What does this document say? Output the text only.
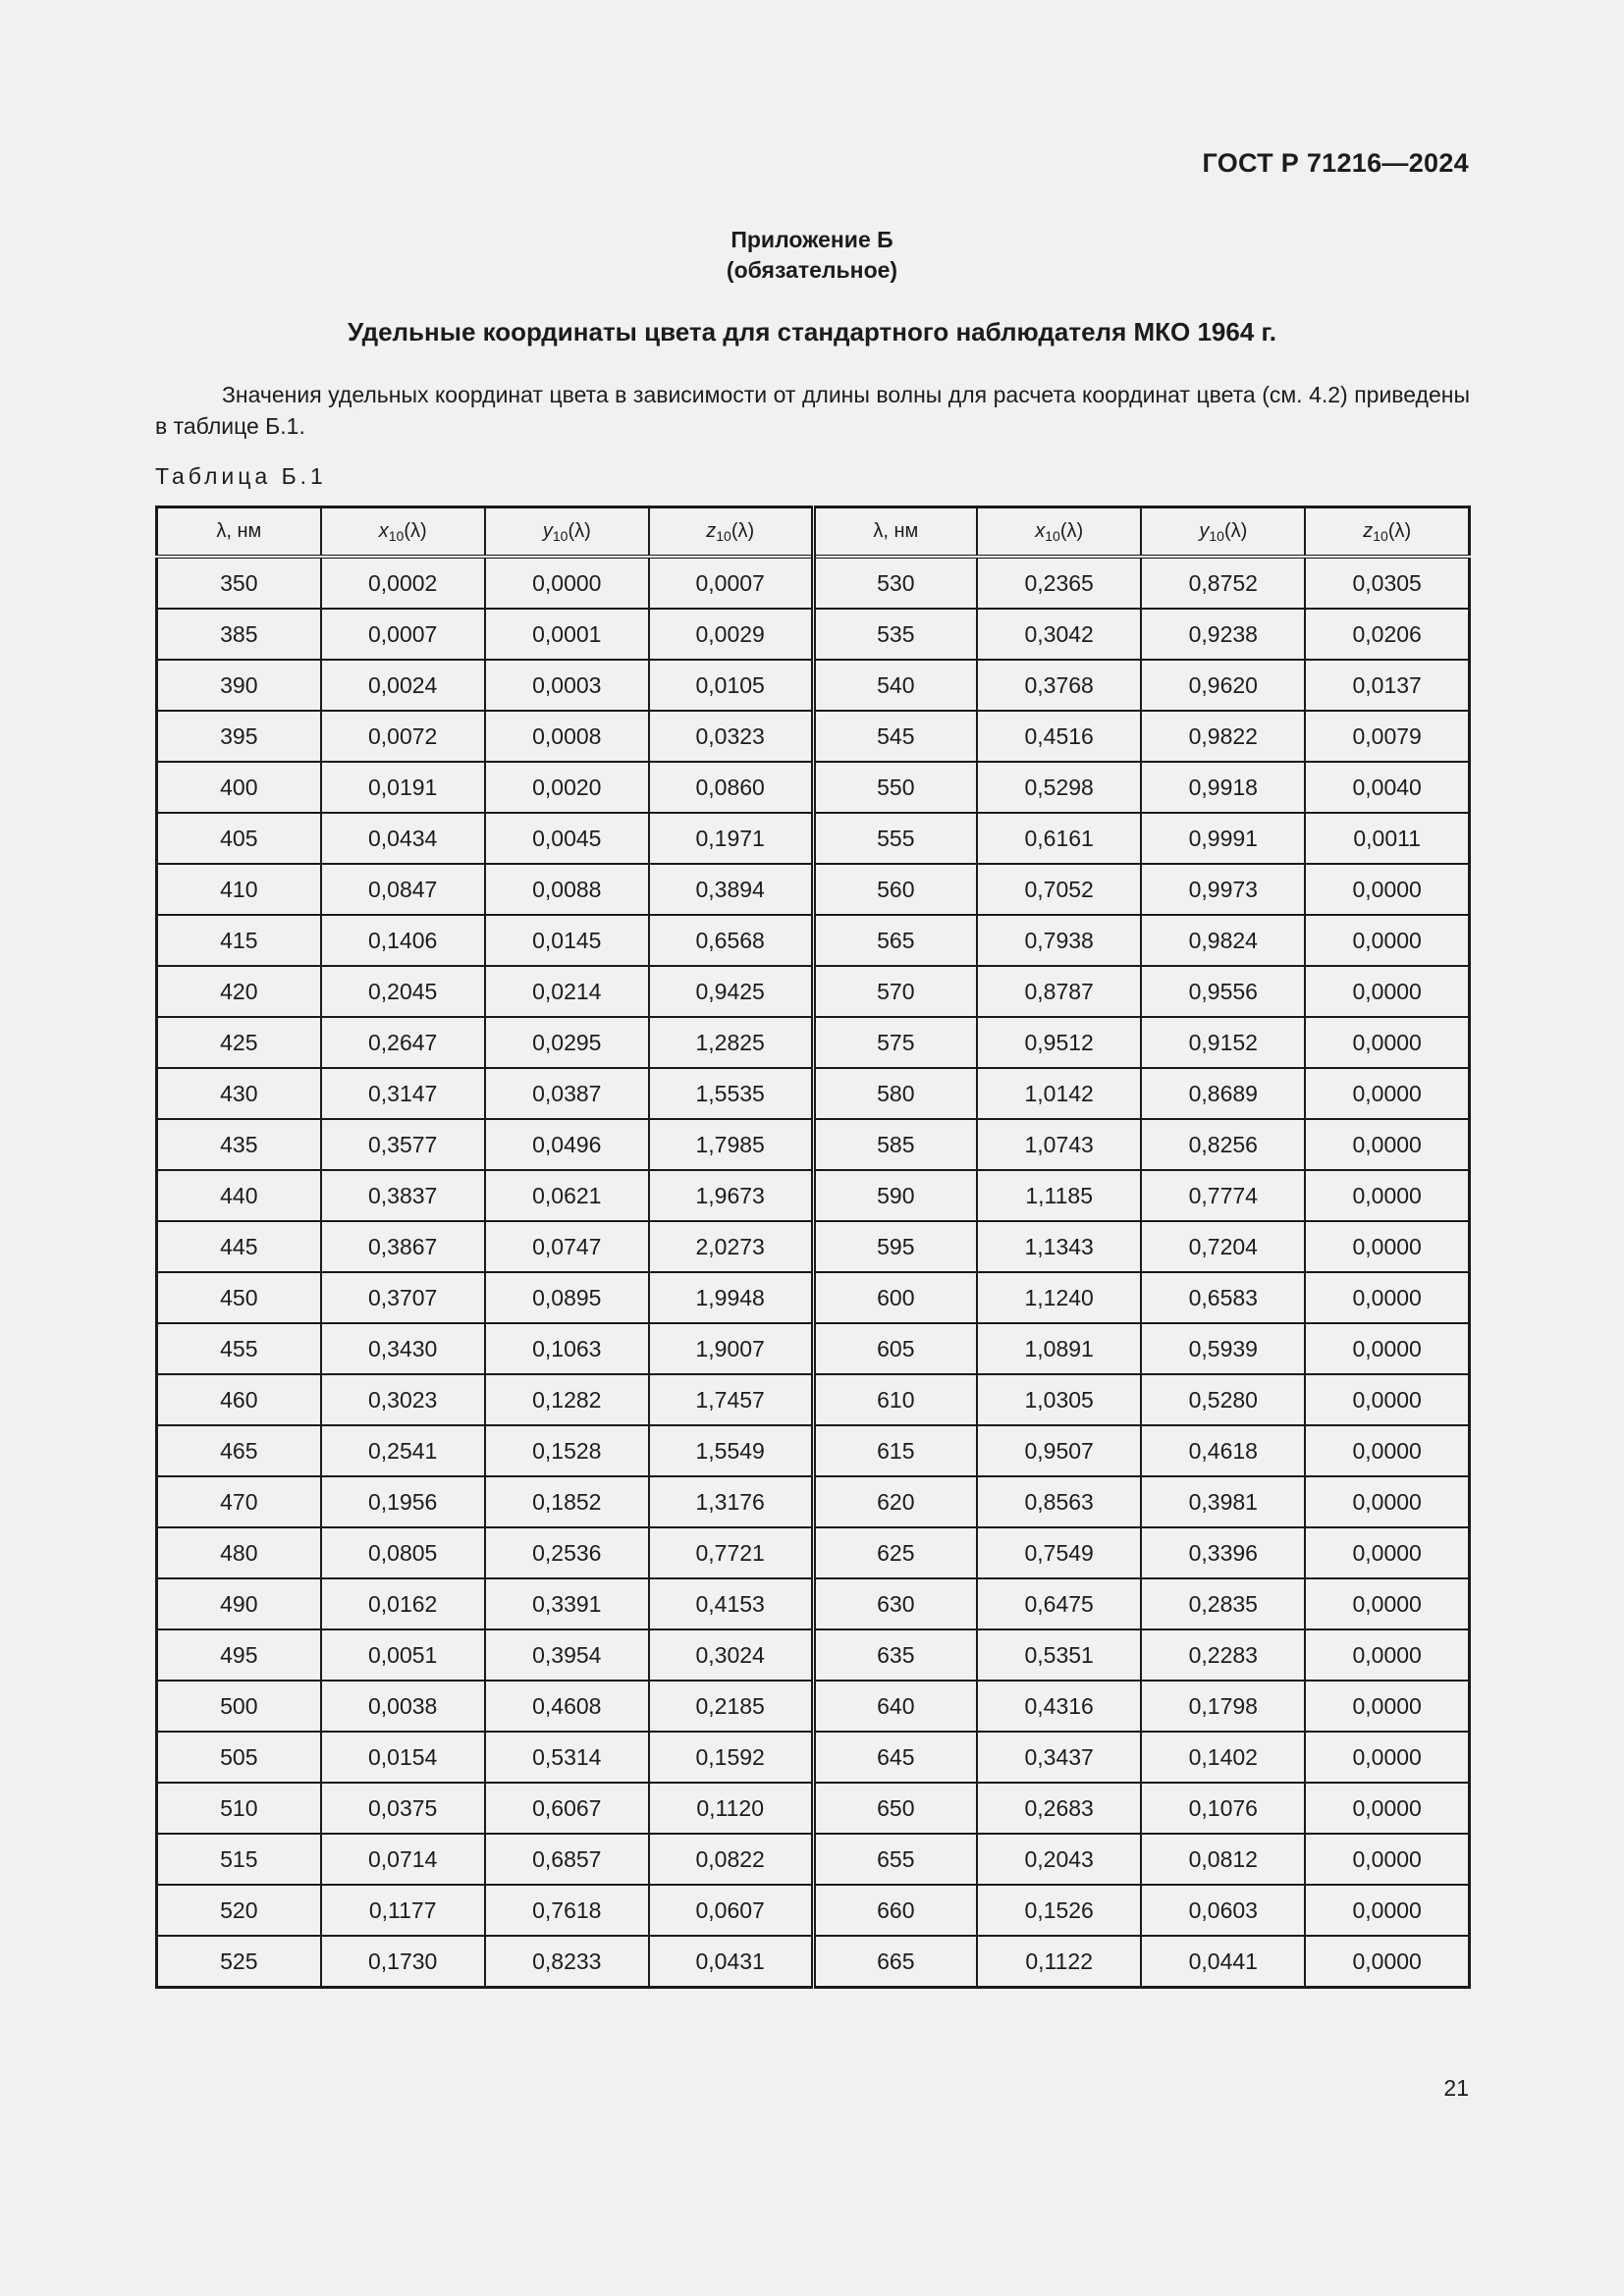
ГОСТ Р 71216—2024
Приложение Б
(обязательное)
Удельные координаты цвета для стандартного наблюдателя МКО 1964 г.
Значения удельных координат цвета в зависимости от длины волны для расчета координат цвета (см. 4.2) приведены в таблице Б.1.
Таблица Б.1
λ, нм	$x_{10}(\lambda)$	$y_{10}(\lambda)$	$z_{10}(\lambda)$	λ, нм	$x_{10}(\lambda)$	$y_{10}(\lambda)$	$z_{10}(\lambda)$
350	0,0002	0,0000	0,0007	530	0,2365	0,8752	0,0305
385	0,0007	0,0001	0,0029	535	0,3042	0,9238	0,0206
390	0,0024	0,0003	0,0105	540	0,3768	0,9620	0,0137
395	0,0072	0,0008	0,0323	545	0,4516	0,9822	0,0079
400	0,0191	0,0020	0,0860	550	0,5298	0,9918	0,0040
405	0,0434	0,0045	0,1971	555	0,6161	0,9991	0,0011
410	0,0847	0,0088	0,3894	560	0,7052	0,9973	0,0000
415	0,1406	0,0145	0,6568	565	0,7938	0,9824	0,0000
420	0,2045	0,0214	0,9425	570	0,8787	0,9556	0,0000
425	0,2647	0,0295	1,2825	575	0,9512	0,9152	0,0000
430	0,3147	0,0387	1,5535	580	1,0142	0,8689	0,0000
435	0,3577	0,0496	1,7985	585	1,0743	0,8256	0,0000
440	0,3837	0,0621	1,9673	590	1,1185	0,7774	0,0000
445	0,3867	0,0747	2,0273	595	1,1343	0,7204	0,0000
450	0,3707	0,0895	1,9948	600	1,1240	0,6583	0,0000
455	0,3430	0,1063	1,9007	605	1,0891	0,5939	0,0000
460	0,3023	0,1282	1,7457	610	1,0305	0,5280	0,0000
465	0,2541	0,1528	1,5549	615	0,9507	0,4618	0,0000
470	0,1956	0,1852	1,3176	620	0,8563	0,3981	0,0000
480	0,0805	0,2536	0,7721	625	0,7549	0,3396	0,0000
490	0,0162	0,3391	0,4153	630	0,6475	0,2835	0,0000
495	0,0051	0,3954	0,3024	635	0,5351	0,2283	0,0000
500	0,0038	0,4608	0,2185	640	0,4316	0,1798	0,0000
505	0,0154	0,5314	0,1592	645	0,3437	0,1402	0,0000
510	0,0375	0,6067	0,1120	650	0,2683	0,1076	0,0000
515	0,0714	0,6857	0,0822	655	0,2043	0,0812	0,0000
520	0,1177	0,7618	0,0607	660	0,1526	0,0603	0,0000
525	0,1730	0,8233	0,0431	665	0,1122	0,0441	0,0000
21
